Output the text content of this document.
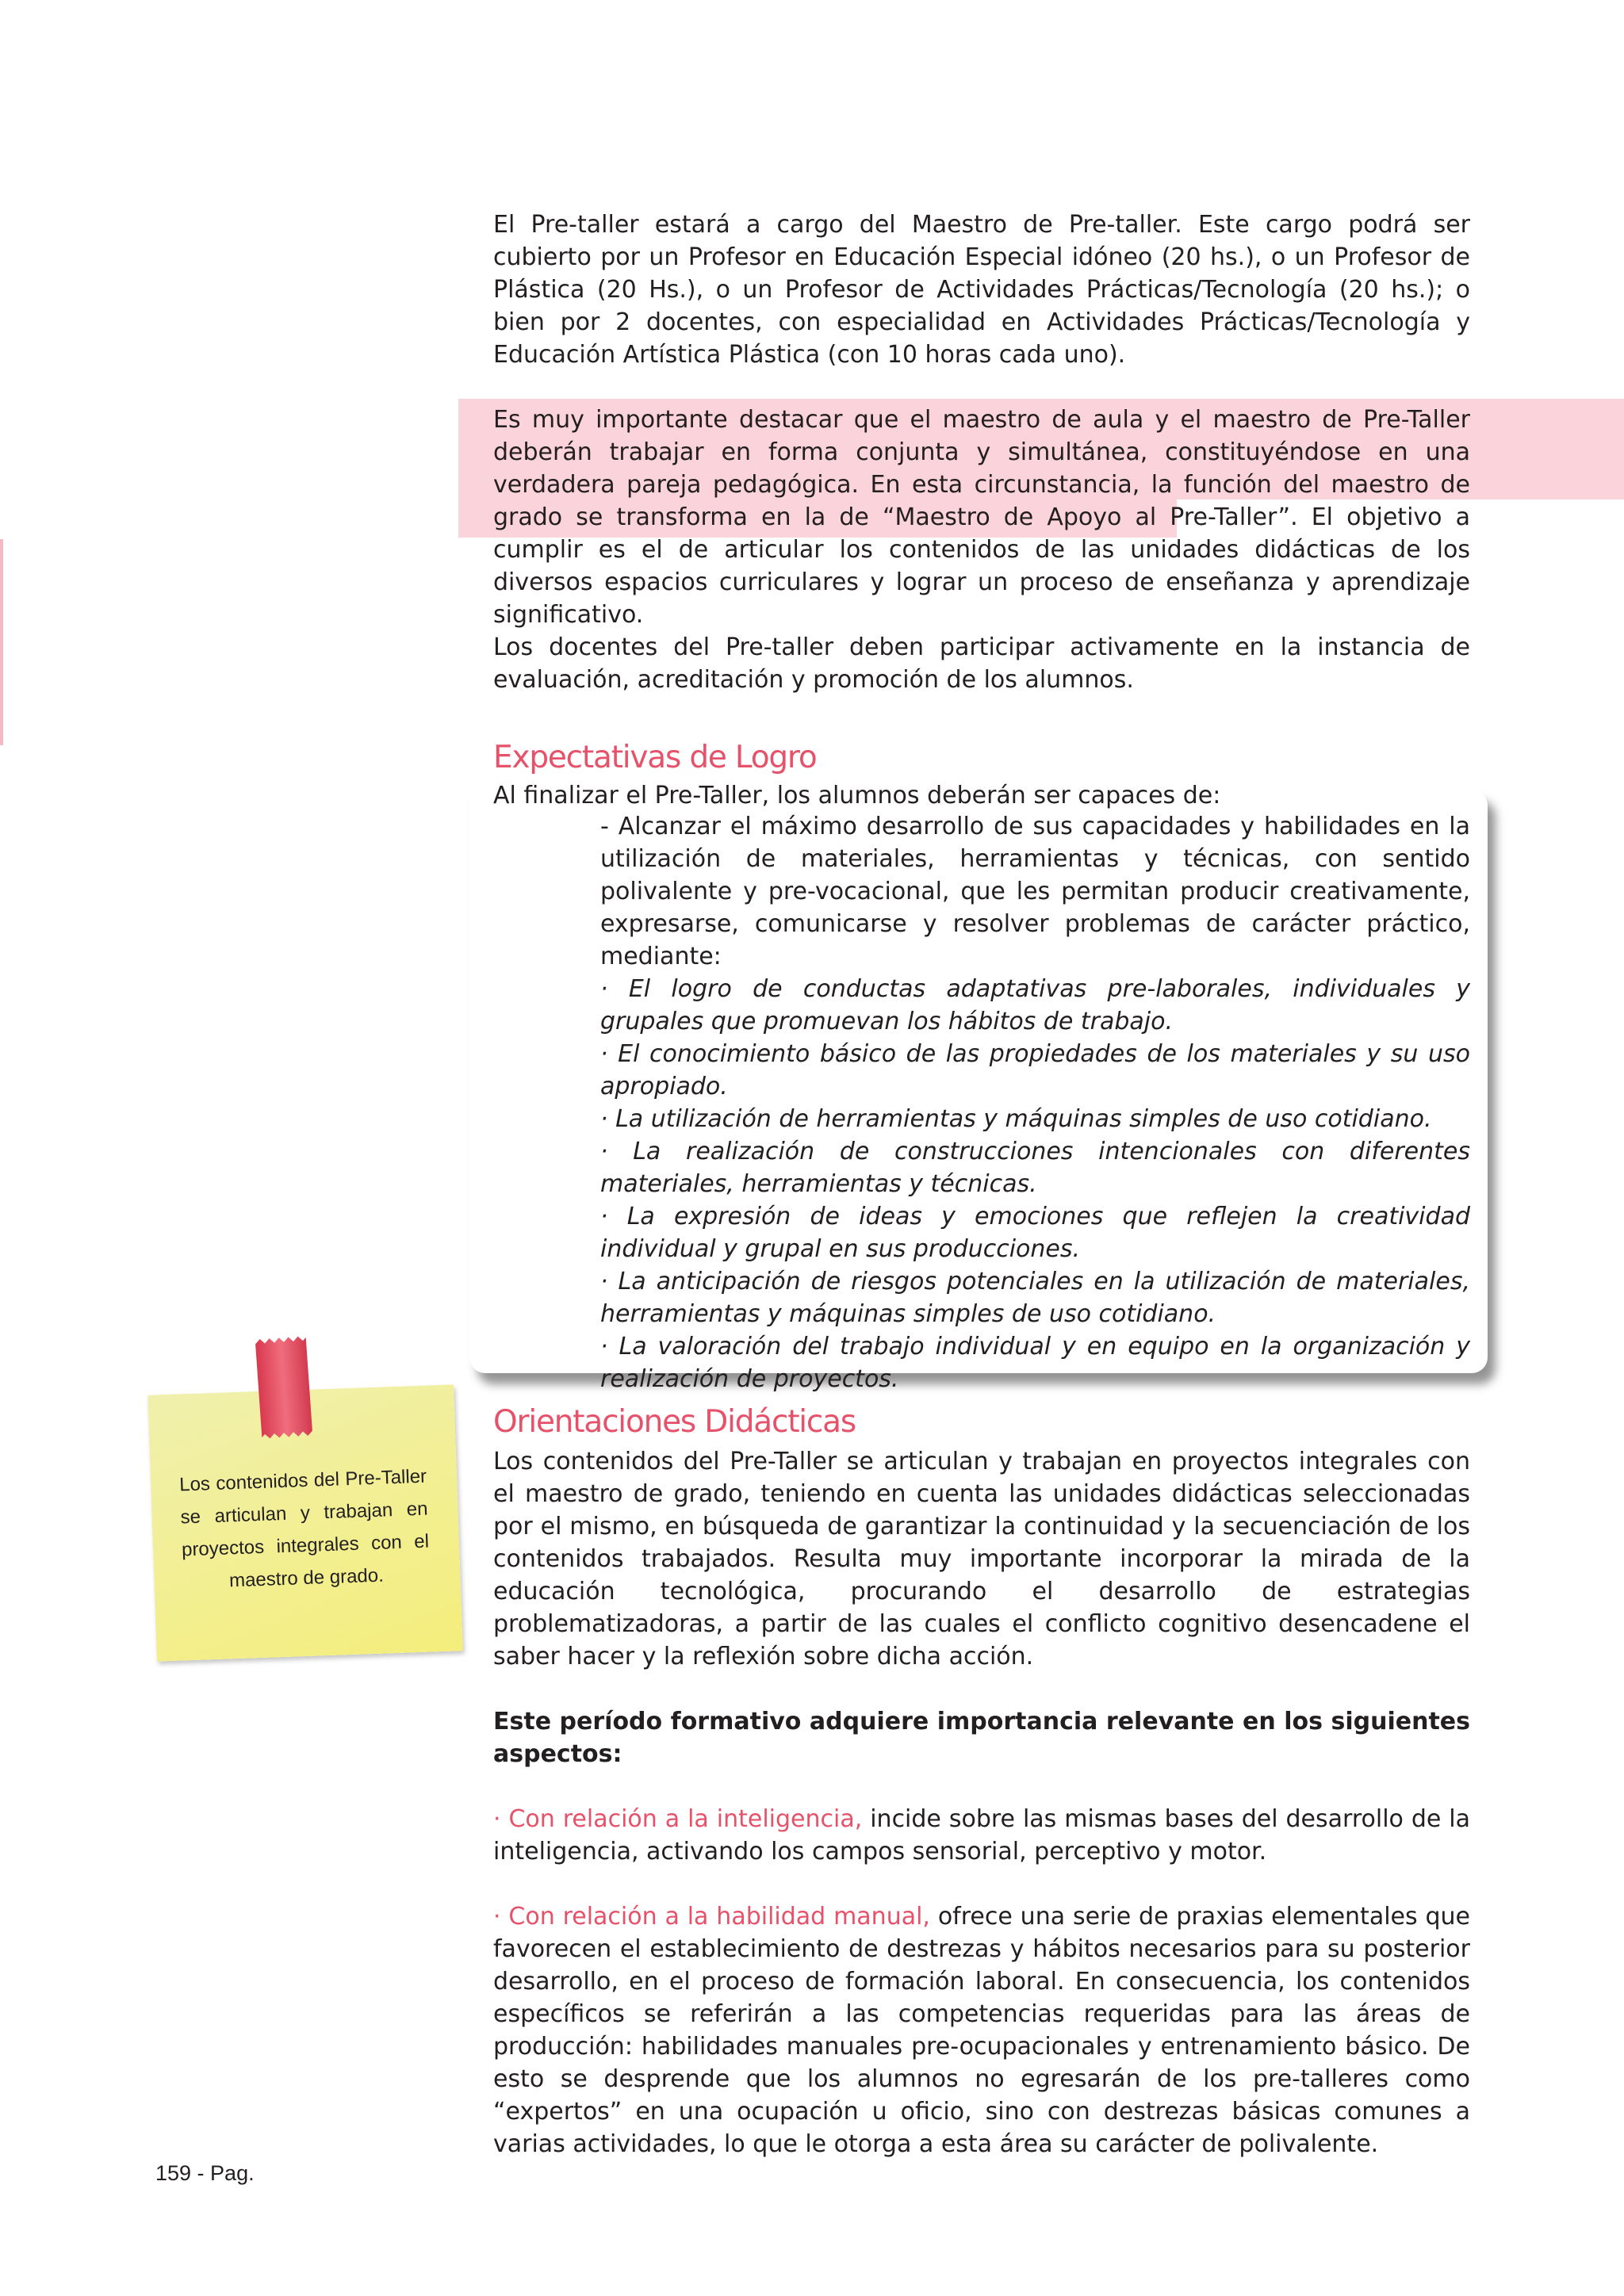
El Pre-taller estará a cargo del Maestro de Pre-taller. Este cargo podrá ser cubierto por un Profesor en Educación Especial idóneo (20 hs.), o un Profesor de Plástica (20 Hs.), o un Profesor de Actividades Prácticas/Tecnología (20 hs.); o bien por 2 docentes, con especialidad en Actividades Prácticas/Tecnología y Educación Artística Plástica (con 10 horas cada uno).

Es muy importante destacar que el maestro de aula y el maestro de Pre-Taller deberán trabajar en forma conjunta y simultánea, constituyéndose en una verdadera pareja pedagógica. En esta circunstancia, la función del maestro de grado se transforma en la de “Maestro de Apoyo al Pre-Taller”. El objetivo a cumplir es el de articular los contenidos de las unidades didácticas de los diversos espacios curriculares y lograr un proceso de enseñanza y aprendizaje significativo.

Los docentes del Pre-taller deben participar activamente en la instancia de evaluación, acreditación y promoción de los alumnos.

Expectativas de Logro
Al finalizar el Pre-Taller, los alumnos deberán ser capaces de:

- Alcanzar el máximo desarrollo de sus capacidades y habilidades en la utilización de materiales, herramientas y técnicas, con sentido polivalente y pre-vocacional, que les permitan producir creativamente, expresarse, comunicarse y resolver problemas de carácter práctico, mediante:

· El logro de conductas adaptativas pre-laborales, individuales y grupales que promuevan los hábitos de trabajo.

· El conocimiento básico de las propiedades de los materiales y su uso apropiado.

· La utilización de herramientas y máquinas simples de uso cotidiano.

· La realización de construcciones intencionales con diferentes materiales, herramientas y técnicas.

· La expresión de ideas y emociones que reflejen la creatividad individual y grupal en sus producciones.

· La anticipación de riesgos potenciales en la utilización de materiales, herramientas y máquinas simples de uso cotidiano.

· La valoración del trabajo individual y en equipo en la organización y realización de proyectos.

Orientaciones Didácticas

Los contenidos del Pre-Taller se articulan y trabajan en proyectos integrales con el maestro de grado, teniendo en cuenta las unidades didácticas seleccionadas por el mismo, en búsqueda de garantizar la continuidad y la secuenciación de los contenidos trabajados. Resulta muy importante incorporar la mirada de la educación tecnológica, procurando el desarrollo de estrategias problematizadoras, a partir de las cuales el conflicto cognitivo desencadene el saber hacer y la reflexión sobre dicha acción.

Este período formativo adquiere importancia relevante en los siguientes aspectos:

· Con relación a la inteligencia, incide sobre las mismas bases del desarrollo de la inteligencia, activando los campos sensorial, perceptivo y motor.

· Con relación a la habilidad manual, ofrece una serie de praxias elementales que favorecen el establecimiento de destrezas y hábitos necesarios para su posterior desarrollo, en el proceso de formación laboral. En consecuencia, los contenidos específicos se referirán a las competencias requeridas para las áreas de producción: habilidades manuales pre-ocupacionales y entrenamiento básico. De esto se desprende que los alumnos no egresarán de los pre-talleres como “expertos” en una ocupación u oficio, sino con destrezas básicas comunes a varias actividades, lo que le otorga a esta área su carácter de polivalente.

Los contenidos del Pre-Taller se articulan y trabajan en proyectos integrales con el maestro de grado.
159 - Pag.
